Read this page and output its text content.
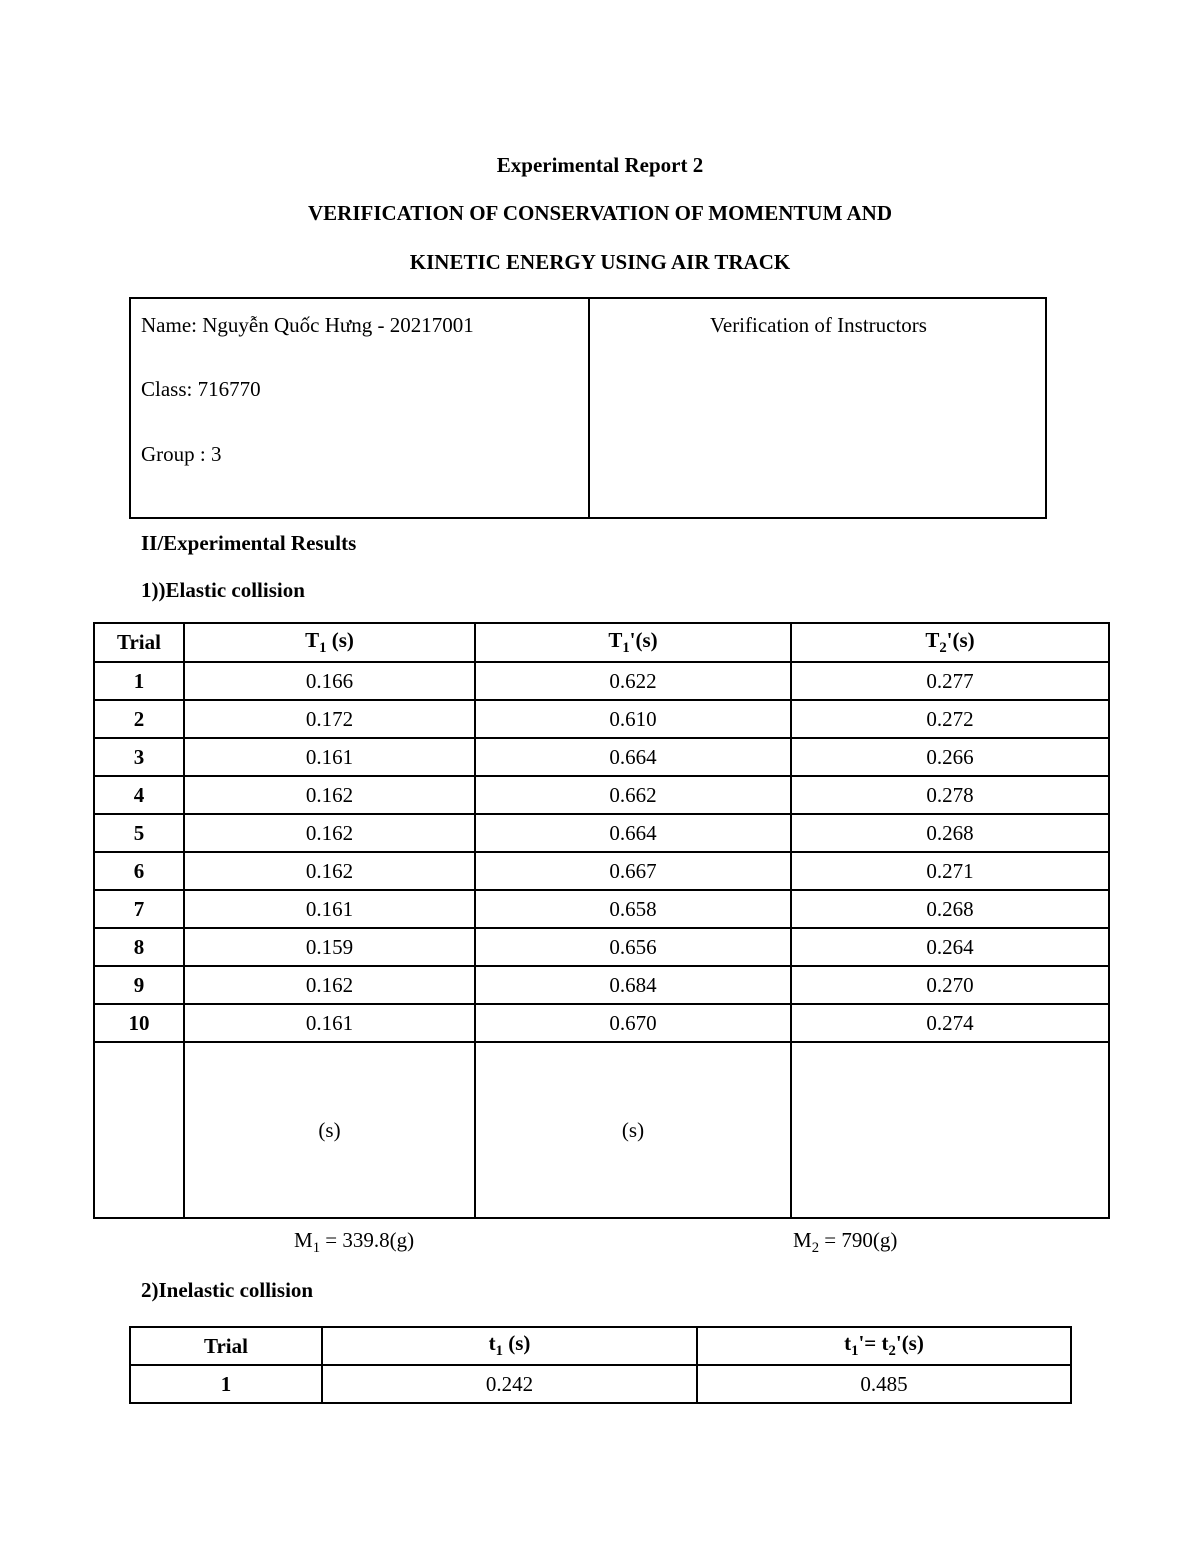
Experimental Report 2
VERIFICATION OF CONSERVATION OF MOMENTUM AND
KINETIC ENERGY USING AIR TRACK
Name: Nguyễn Quốc Hưng - 20217001
Class: 716770
Group : 3
Verification of Instructors
II/Experimental Results
1))Elastic collision
Trial	$T_1$ (s)	$T_1'(s)$	$T_2'(s)$
1	0.166	0.622	0.277
2	0.172	0.610	0.272
3	0.161	0.664	0.266
4	0.162	0.662	0.278
5	0.162	0.664	0.268
6	0.162	0.667	0.271
7	0.161	0.658	0.268
8	0.159	0.656	0.264
9	0.162	0.684	0.270
10	0.161	0.670	0.274
	(s)	(s)	
$M_1 = 339.8(g)$	$M_2 = 790(g)$
2)Inelastic collision
Trial	$t_1$ (s)	$t_1'= t_2'(s)$
1	0.242	0.485
